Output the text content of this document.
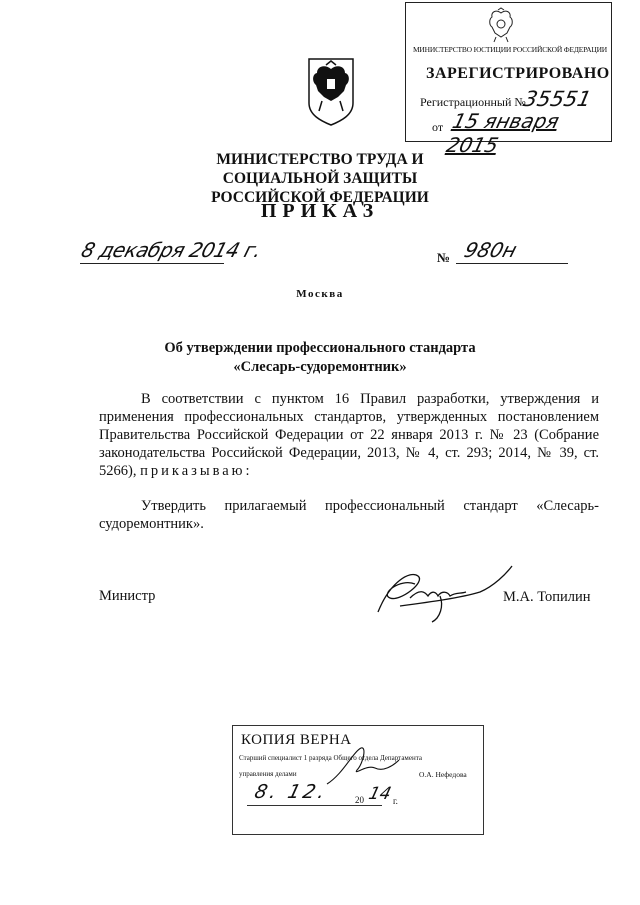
МИНИСТЕРСТВО ЮСТИЦИИ РОССИЙСКОЙ ФЕДЕРАЦИИ
ЗАРЕГИСТРИРОВАНО
Регистрационный №
35551
от 15 января 2015
МИНИСТЕРСТВО ТРУДА И СОЦИАЛЬНОЙ ЗАЩИТЫ РОССИЙСКОЙ ФЕДЕРАЦИИ
ПРИКАЗ
8 декабря 2014 г.	№ 980н
Москва
Об утверждении профессионального стандарта «Слесарь-судоремонтник»
В соответствии с пунктом 16 Правил разработки, утверждения и применения профессиональных стандартов, утвержденных постановлением Правительства Российской Федерации от 22 января 2013 г. № 23 (Собрание законодательства Российской Федерации, 2013, № 4, ст. 293; 2014, № 39, ст. 5266), приказываю:
Утвердить прилагаемый профессиональный стандарт «Слесарь-судоремонтник».
Министр	М.А. Топилин
КОПИЯ ВЕРНА
Старший специалист 1 разряда Общего отдела Департамента
управления делами	О.А. Нефедова
8. 12.	20 14 г.
